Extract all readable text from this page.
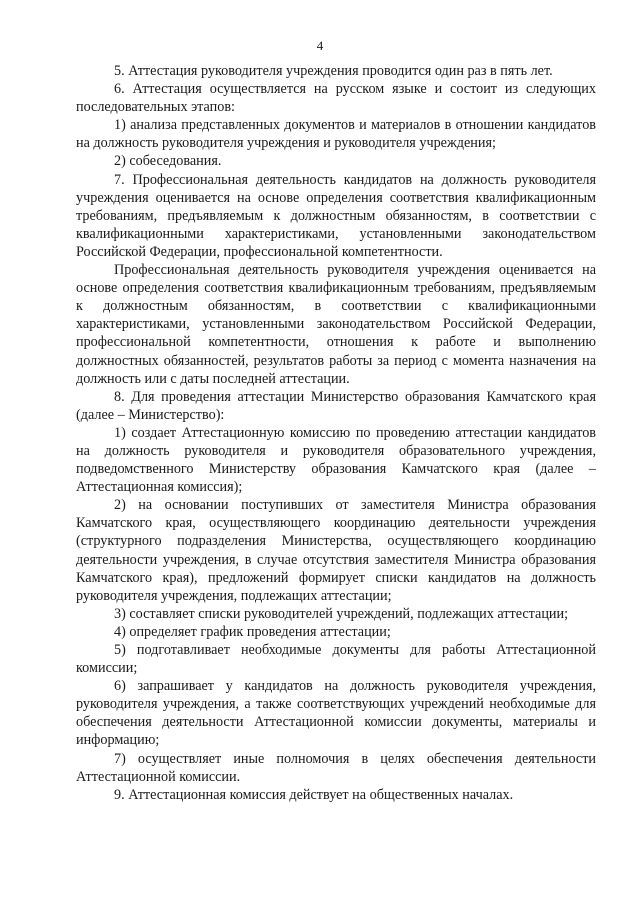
4

5. Аттестация руководителя учреждения проводится один раз в пять лет.

6. Аттестация осуществляется на русском языке и состоит из следующих последовательных этапов:

1) анализа представленных документов и материалов в отношении кандидатов на должность руководителя учреждения и руководителя учреждения;

2) собеседования.

7. Профессиональная деятельность кандидатов на должность руководителя учреждения оценивается на основе определения соответствия квалификационным требованиям, предъявляемым к должностным обязанностям, в соответствии с квалификационными характеристиками, установленными законодательством Российской Федерации, профессиональной компетентности.

Профессиональная деятельность руководителя учреждения оценивается на основе определения соответствия квалификационным требованиям, предъявляемым к должностным обязанностям, в соответствии с квалификационными характеристиками, установленными законодательством Российской Федерации, профессиональной компетентности, отношения к работе и выполнению должностных обязанностей, результатов работы за период с момента назначения на должность или с даты последней аттестации.

8. Для проведения аттестации Министерство образования Камчатского края (далее – Министерство):

1) создает Аттестационную комиссию по проведению аттестации кандидатов на должность руководителя и руководителя образовательного учреждения, подведомственного Министерству образования Камчатского края (далее – Аттестационная комиссия);

2) на основании поступивших от заместителя Министра образования Камчатского края, осуществляющего координацию деятельности учреждения (структурного подразделения Министерства, осуществляющего координацию деятельности учреждения, в случае отсутствия заместителя Министра образования Камчатского края), предложений формирует списки кандидатов на должность руководителя учреждения, подлежащих аттестации;

3) составляет списки руководителей учреждений, подлежащих аттестации;

4) определяет график проведения аттестации;

5) подготавливает необходимые документы для работы Аттестационной комиссии;

6) запрашивает у кандидатов на должность руководителя учреждения, руководителя учреждения, а также соответствующих учреждений необходимые для обеспечения деятельности Аттестационной комиссии документы, материалы и информацию;

7) осуществляет иные полномочия в целях обеспечения деятельности Аттестационной комиссии.

9. Аттестационная комиссия действует на общественных началах.
